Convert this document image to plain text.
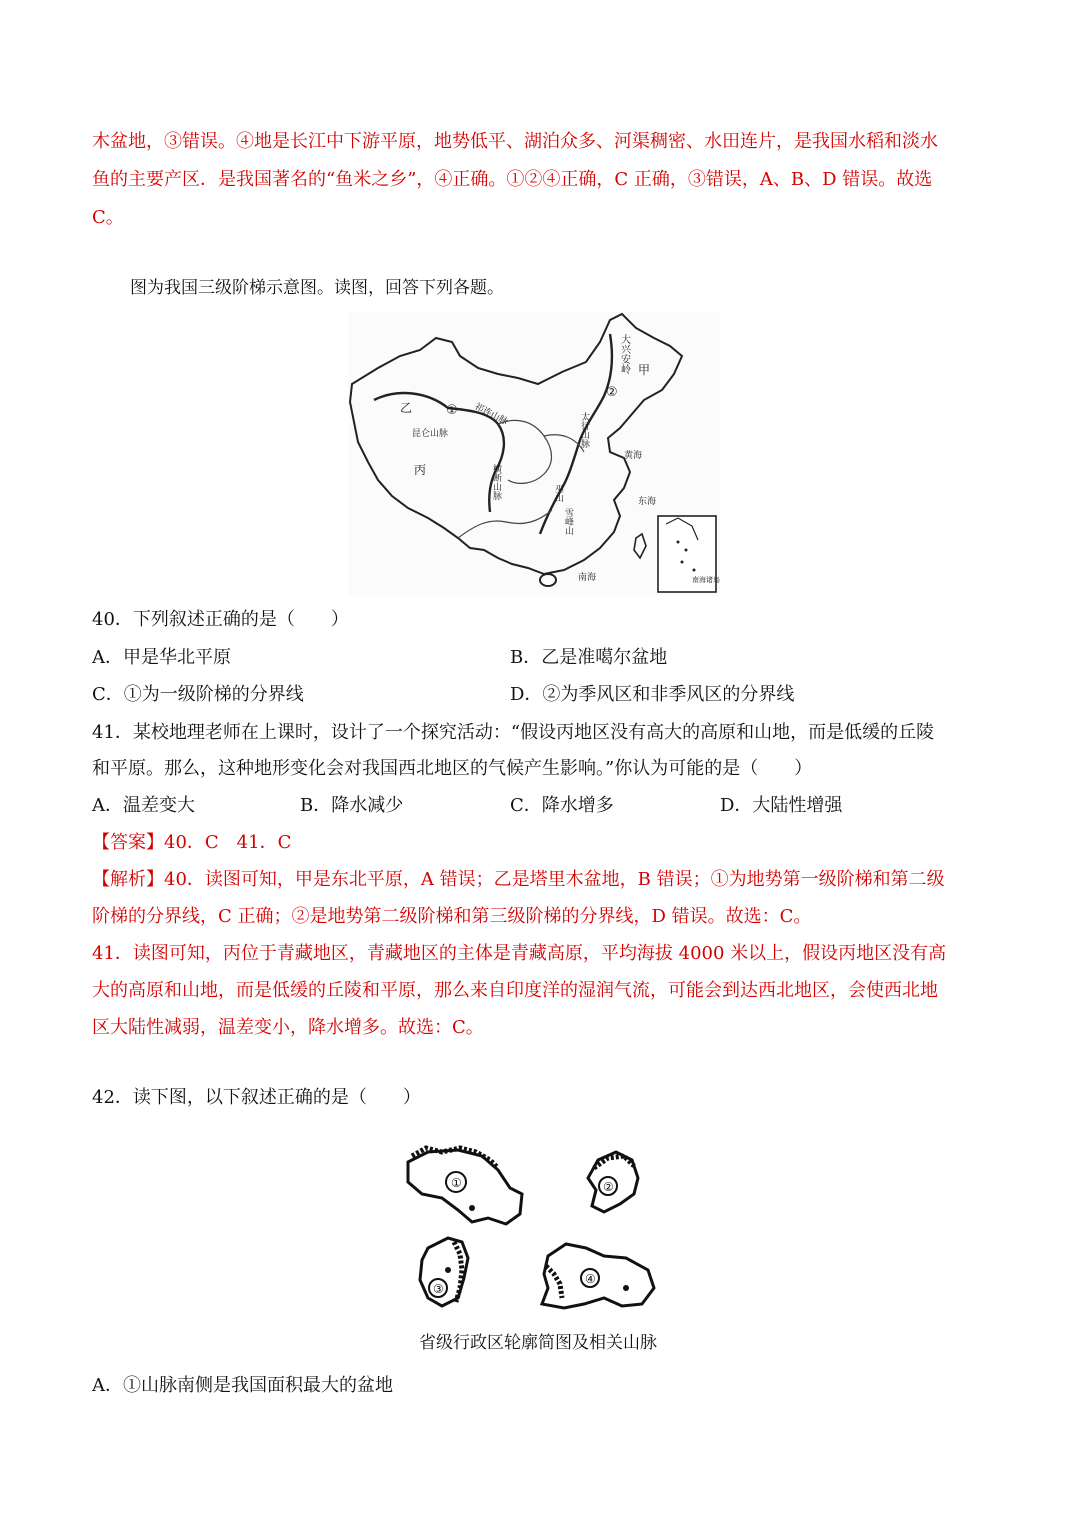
木盆地，③错误。④地是长江中下游平原，地势低平、湖泊众多、河渠稠密、水田连片，是我国水稻和淡水
鱼的主要产区．是我国著名的“鱼米之乡”，④正确。①②④正确，C 正确，③错误，A、B、D 错误。故选
C。
图为我国三级阶梯示意图。读图，回答下列各题。
大兴安岭 甲
乙
丙
①
②
祁连山脉
昆仑山脉	太行山脉
横断山脉	巫山
雪峰山
黄海
东海
南海	南海诸岛
40．下列叙述正确的是（　　）
A．甲是华北平原	B．乙是准噶尔盆地
C．①为一级阶梯的分界线	D．②为季风区和非季风区的分界线
41．某校地理老师在上课时，设计了一个探究活动：“假设丙地区没有高大的高原和山地，而是低缓的丘陵
和平原。那么，这种地形变化会对我国西北地区的气候产生影响。”你认为可能的是（　　）
A．温差变大	B．降水减少	C．降水增多	D．大陆性增强
【答案】40．C　41．C
【解析】40．读图可知，甲是东北平原，A 错误；乙是塔里木盆地，B 错误；①为地势第一级阶梯和第二级
阶梯的分界线，C 正确；②是地势第二级阶梯和第三级阶梯的分界线，D 错误。故选：C。
41．读图可知，丙位于青藏地区，青藏地区的主体是青藏高原，平均海拔 4000 米以上，假设丙地区没有高
大的高原和山地，而是低缓的丘陵和平原，那么来自印度洋的湿润气流，可能会到达西北地区，会使西北地
区大陆性减弱，温差变小，降水增多。故选：C。
42．读下图，以下叙述正确的是（　　）
①	②
③
④
省级行政区轮廓简图及相关山脉
A．①山脉南侧是我国面积最大的盆地
